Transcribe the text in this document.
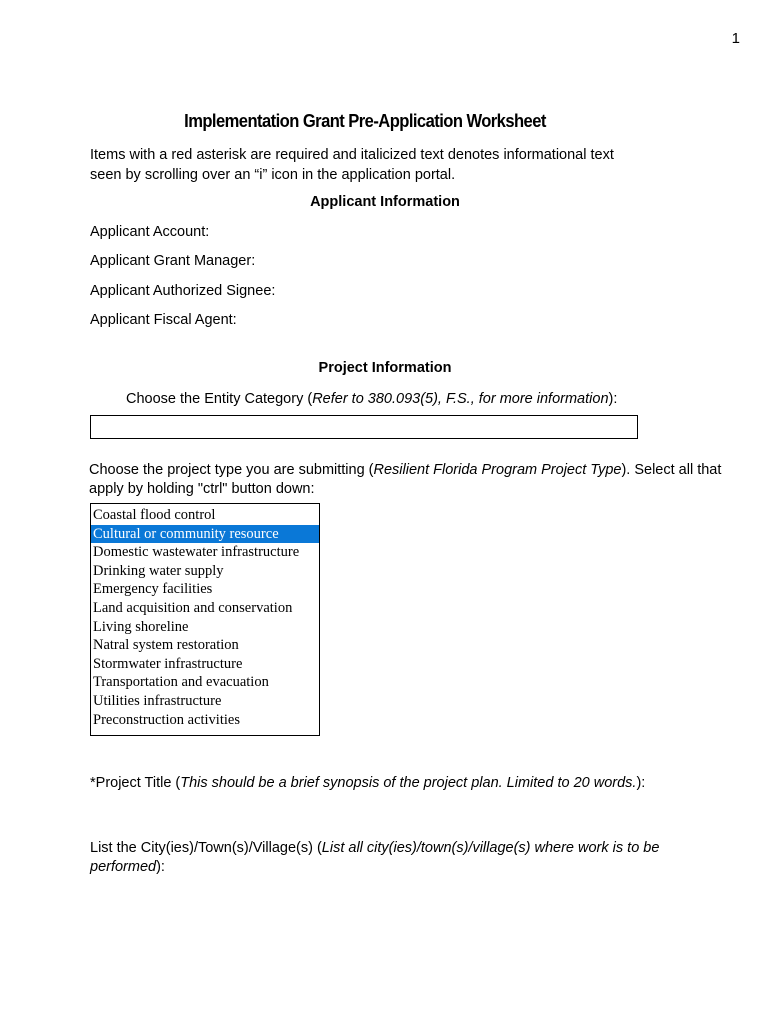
1
Implementation Grant Pre-Application Worksheet
Items with a red asterisk are required and italicized text denotes informational text seen by scrolling over an “i” icon in the application portal.
Applicant Information
Applicant Account:
Applicant Grant Manager:
Applicant Authorized Signee:
Applicant Fiscal Agent:
Project Information
Choose the Entity Category (Refer to 380.093(5), F.S., for more information):
Choose the project type you are submitting (Resilient Florida Program Project Type). Select all that apply by holding "ctrl" button down:
Coastal flood control
Cultural or community resource
Domestic wastewater infrastructure
Drinking water supply
Emergency facilities
Land acquisition and conservation
Living shoreline
Natral system restoration
Stormwater infrastructure
Transportation and evacuation
Utilities infrastructure
Preconstruction activities
*Project Title (This should be a brief synopsis of the project plan. Limited to 20 words.):
List the City(ies)/Town(s)/Village(s) (List all city(ies)/town(s)/village(s) where work is to be performed):
